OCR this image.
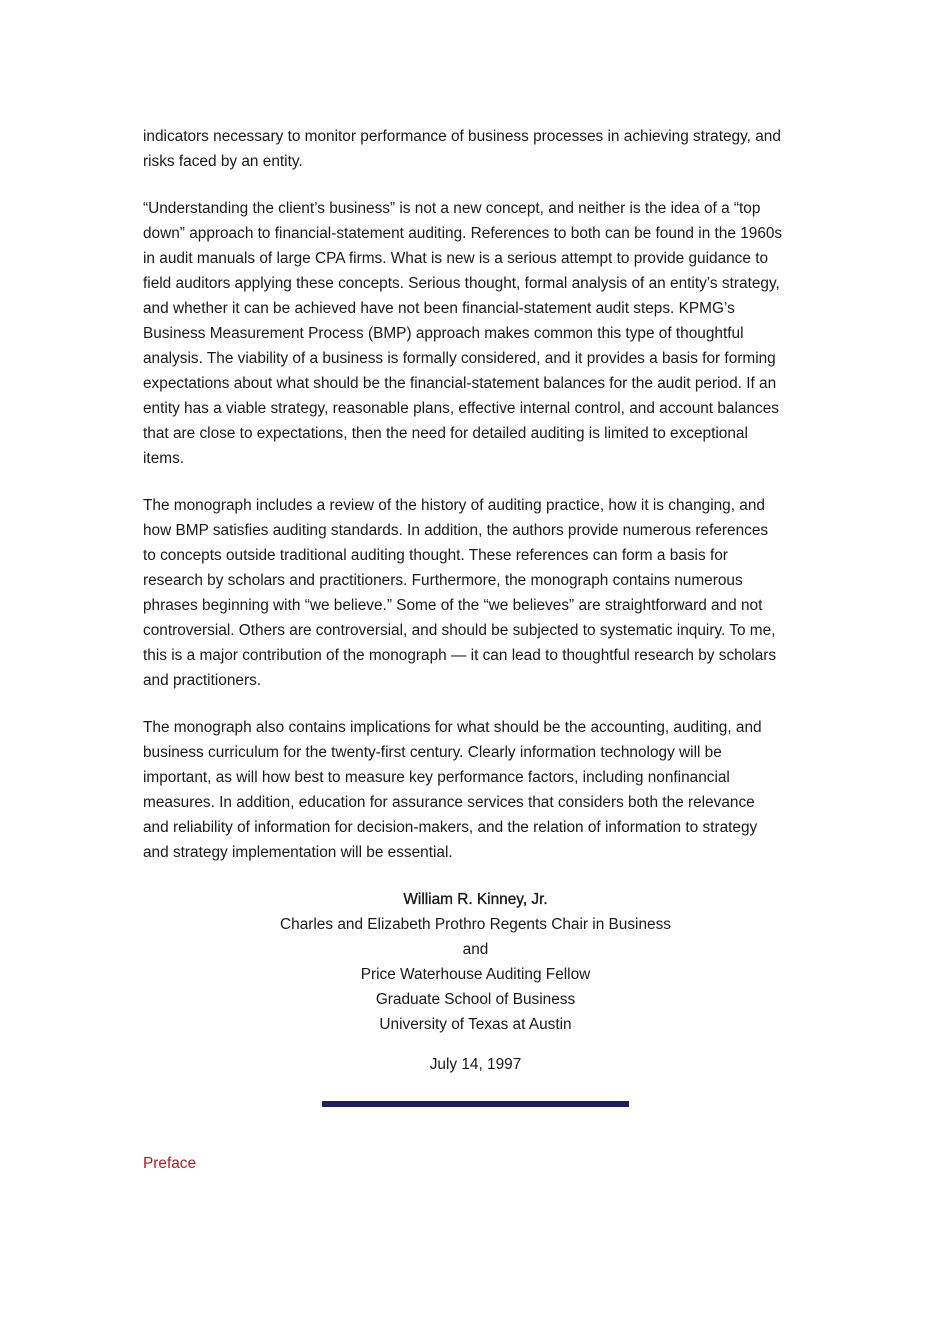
indicators necessary to monitor performance of business processes in achieving strategy, and
risks faced by an entity.

“Understanding the client’s business” is not a new concept, and neither is the idea of a “top
down” approach to financial-statement auditing. References to both can be found in the 1960s
in audit manuals of large CPA firms. What is new is a serious attempt to provide guidance to
field auditors applying these concepts. Serious thought, formal analysis of an entity’s strategy,
and whether it can be achieved have not been financial-statement audit steps. KPMG’s
Business Measurement Process (BMP) approach makes common this type of thoughtful
analysis. The viability of a business is formally considered, and it provides a basis for forming
expectations about what should be the financial-statement balances for the audit period. If an
entity has a viable strategy, reasonable plans, effective internal control, and account balances
that are close to expectations, then the need for detailed auditing is limited to exceptional
items.

The monograph includes a review of the history of auditing practice, how it is changing, and
how BMP satisfies auditing standards. In addition, the authors provide numerous references
to concepts outside traditional auditing thought. These references can form a basis for
research by scholars and practitioners. Furthermore, the monograph contains numerous
phrases beginning with “we believe.” Some of the “we believes” are straightforward and not
controversial. Others are controversial, and should be subjected to systematic inquiry. To me,
this is a major contribution of the monograph — it can lead to thoughtful research by scholars
and practitioners.

The monograph also contains implications for what should be the accounting, auditing, and
business curriculum for the twenty-first century. Clearly information technology will be
important, as will how best to measure key performance factors, including nonfinancial
measures. In addition, education for assurance services that considers both the relevance
and reliability of information for decision-makers, and the relation of information to strategy
and strategy implementation will be essential.

William R. Kinney, Jr.
Charles and Elizabeth Prothro Regents Chair in Business
and
Price Waterhouse Auditing Fellow
Graduate School of Business
University of Texas at Austin
July 14, 1997
Preface
